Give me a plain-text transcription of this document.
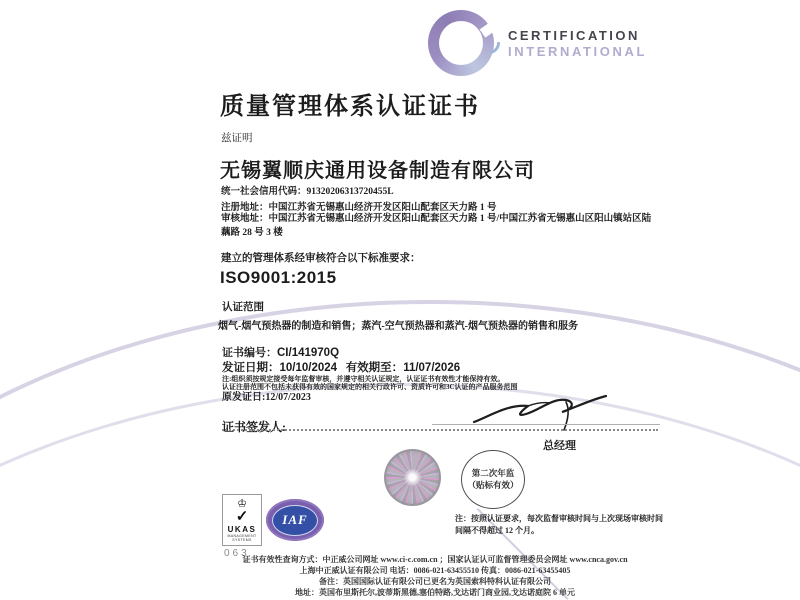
CERTIFICATION
INTERNATIONAL
质量管理体系认证证书
兹证明
无锡翼顺庆通用设备制造有限公司
统一社会信用代码：91320206313720455L
注册地址：中国江苏省无锡惠山经济开发区阳山配套区天力路 1 号
审核地址：中国江苏省无锡惠山经济开发区阳山配套区天力路 1 号/中国江苏省无锡惠山区阳山镇站区陆藕路 28 号 3 楼
建立的管理体系经审核符合以下标准要求：
ISO9001:2015
认证范围
烟气-烟气预热器的制造和销售；蒸汽-空气预热器和蒸汽-烟气预热器的销售和服务
证书编号：CI/141970Q
发证日期：10/10/2024 有效期至：11/07/2026
注:组织须按规定接受每年监督审核，并遵守相关认证规定，认证证书有效性才能保持有效。
认证注册范围不包括未获得有效的国家规定的相关行政许可、资质许可和3C认证的产品服务范围
原发证日:12/07/2023
证书签发人:
总经理
第二次年监
（贴标有效）
注：按照认证要求，每次监督审核时间与上次现场审核时间间隔不得超过 12 个月。
♔
✓
UKAS
MANAGEMENT SYSTEMS
063
IAF
证书有效性查询方式：中正威公司网址 www.ci-c.com.cn ；国家认证认可监督管理委员会网址 www.cnca.gov.cn
上海中正威认证有限公司 电话：0086-021-63455510 传真：0086-021-63455405
备注：英国国际认证有限公司已更名为英国索科特科认证有限公司
地址：英国布里斯托尔,波蒂斯黑德,塞伯特路,戈达诺门商业园,戈达诺庭院 6 单元
